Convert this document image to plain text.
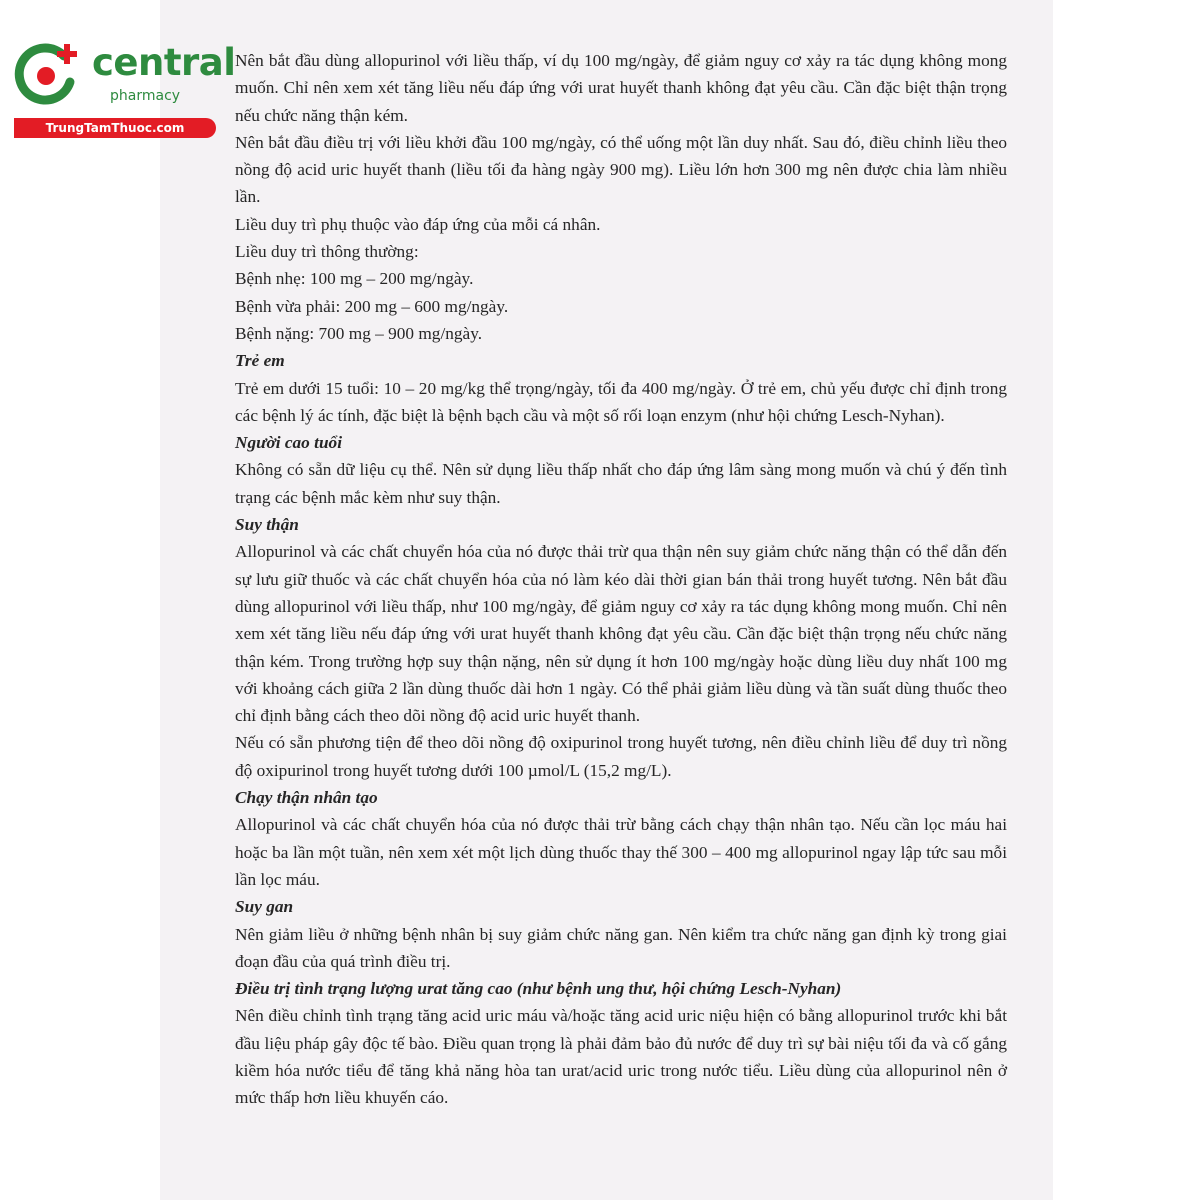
central
pharmacy
TrungTamThuoc.com

Nên bắt đầu dùng allopurinol với liều thấp, ví dụ 100 mg/ngày, để giảm nguy cơ xảy ra tác dụng không mong muốn. Chỉ nên xem xét tăng liều nếu đáp ứng với urat huyết thanh không đạt yêu cầu. Cần đặc biệt thận trọng nếu chức năng thận kém.

Nên bắt đầu điều trị với liều khởi đầu 100 mg/ngày, có thể uống một lần duy nhất. Sau đó, điều chỉnh liều theo nồng độ acid uric huyết thanh (liều tối đa hàng ngày 900 mg). Liều lớn hơn 300 mg nên được chia làm nhiều lần.

Liều duy trì phụ thuộc vào đáp ứng của mỗi cá nhân.

Liều duy trì thông thường:

Bệnh nhẹ: 100 mg – 200 mg/ngày.

Bệnh vừa phải: 200 mg – 600 mg/ngày.

Bệnh nặng: 700 mg – 900 mg/ngày.

Trẻ em

Trẻ em dưới 15 tuổi: 10 – 20 mg/kg thể trọng/ngày, tối đa 400 mg/ngày. Ở trẻ em, chủ yếu được chỉ định trong các bệnh lý ác tính, đặc biệt là bệnh bạch cầu và một số rối loạn enzym (như hội chứng Lesch-Nyhan).

Người cao tuổi

Không có sẵn dữ liệu cụ thể. Nên sử dụng liều thấp nhất cho đáp ứng lâm sàng mong muốn và chú ý đến tình trạng các bệnh mắc kèm như suy thận.

Suy thận

Allopurinol và các chất chuyển hóa của nó được thải trừ qua thận nên suy giảm chức năng thận có thể dẫn đến sự lưu giữ thuốc và các chất chuyển hóa của nó làm kéo dài thời gian bán thải trong huyết tương. Nên bắt đầu dùng allopurinol với liều thấp, như 100 mg/ngày, để giảm nguy cơ xảy ra tác dụng không mong muốn. Chỉ nên xem xét tăng liều nếu đáp ứng với urat huyết thanh không đạt yêu cầu. Cần đặc biệt thận trọng nếu chức năng thận kém. Trong trường hợp suy thận nặng, nên sử dụng ít hơn 100 mg/ngày hoặc dùng liều duy nhất 100 mg với khoảng cách giữa 2 lần dùng thuốc dài hơn 1 ngày. Có thể phải giảm liều dùng và tần suất dùng thuốc theo chỉ định bằng cách theo dõi nồng độ acid uric huyết thanh.

Nếu có sẵn phương tiện để theo dõi nồng độ oxipurinol trong huyết tương, nên điều chỉnh liều để duy trì nồng độ oxipurinol trong huyết tương dưới 100 µmol/L (15,2 mg/L).

Chạy thận nhân tạo

Allopurinol và các chất chuyển hóa của nó được thải trừ bằng cách chạy thận nhân tạo. Nếu cần lọc máu hai hoặc ba lần một tuần, nên xem xét một lịch dùng thuốc thay thế 300 – 400 mg allopurinol ngay lập tức sau mỗi lần lọc máu.

Suy gan

Nên giảm liều ở những bệnh nhân bị suy giảm chức năng gan. Nên kiểm tra chức năng gan định kỳ trong giai đoạn đầu của quá trình điều trị.

Điều trị tình trạng lượng urat tăng cao (như bệnh ung thư, hội chứng Lesch-Nyhan)

Nên điều chỉnh tình trạng tăng acid uric máu và/hoặc tăng acid uric niệu hiện có bằng allopurinol trước khi bắt đầu liệu pháp gây độc tế bào. Điều quan trọng là phải đảm bảo đủ nước để duy trì sự bài niệu tối đa và cố gắng kiềm hóa nước tiểu để tăng khả năng hòa tan urat/acid uric trong nước tiểu. Liều dùng của allopurinol nên ở mức thấp hơn liều khuyến cáo.
